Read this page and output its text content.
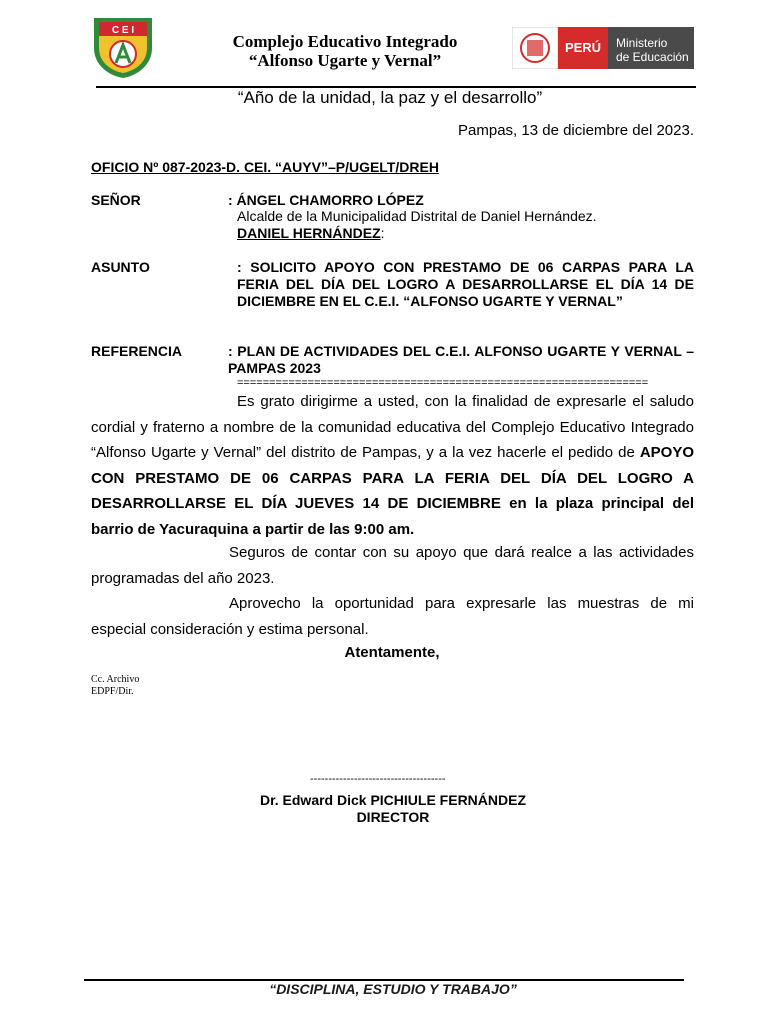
C E I
Complejo Educativo Integrado
“Alfonso Ugarte y Vernal”
PERÚ Ministerio
de Educación
“Año de la unidad, la paz y el desarrollo”
Pampas, 13 de diciembre del 2023.
OFICIO Nº 087-2023-D. CEI. “AUYV”–P/UGELT/DREH
SEÑOR	: ÁNGEL CHAMORRO LÓPEZ
Alcalde de la Municipalidad Distrital de Daniel Hernández.
DANIEL HERNÁNDEZ:
ASUNTO	: SOLICITO APOYO CON PRESTAMO DE 06 CARPAS PARA LA FERIA DEL DÍA DEL LOGRO A DESARROLLARSE EL DÍA 14 DE DICIEMBRE EN EL C.E.I. “ALFONSO UGARTE Y VERNAL”
REFERENCIA	: PLAN DE ACTIVIDADES DEL C.E.I. ALFONSO UGARTE Y VERNAL – PAMPAS 2023
================================================================
Es grato dirigirme a usted, con la finalidad de expresarle el saludo cordial y fraterno a nombre de la comunidad educativa del Complejo Educativo Integrado “Alfonso Ugarte y Vernal” del distrito de Pampas, y a la vez hacerle el pedido de APOYO CON PRESTAMO DE 06 CARPAS PARA LA FERIA DEL DÍA DEL LOGRO A DESARROLLARSE EL DÍA JUEVES 14 DE DICIEMBRE en la plaza principal del barrio de Yacuraquina a partir de las 9:00 am.
Seguros de contar con su apoyo que dará realce a las actividades programadas del año 2023.
Aprovecho la oportunidad para expresarle las muestras de mi especial consideración y estima personal.
Atentamente,
Cc. Archivo
EDPF/Dir.
-------------------------------------
Dr. Edward Dick PICHIULE FERNÁNDEZ
DIRECTOR
“DISCIPLINA, ESTUDIO Y TRABAJO”
